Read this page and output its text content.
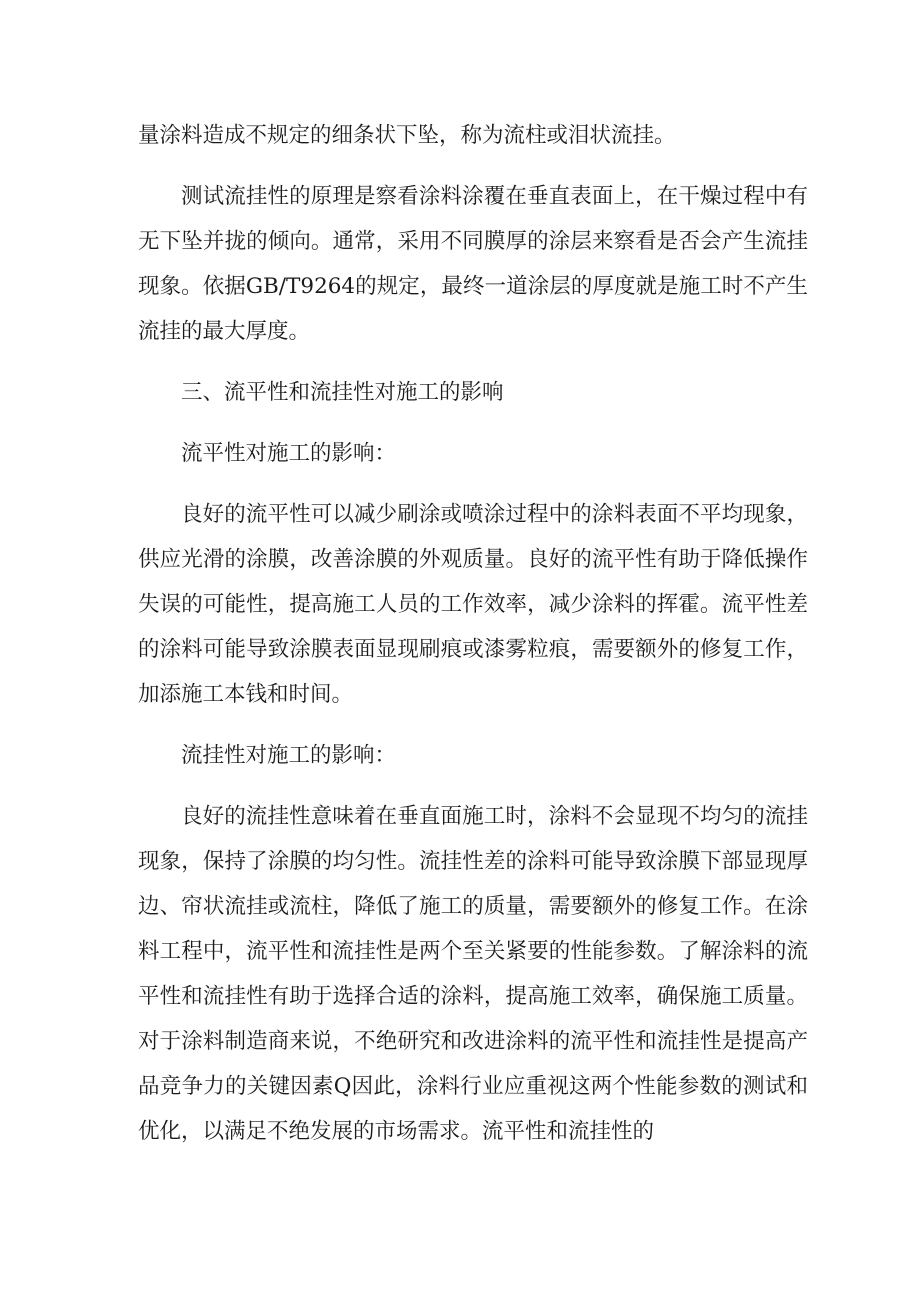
量涂料造成不规定的细条状下坠，称为流柱或泪状流挂。

测试流挂性的原理是察看涂料涂覆在垂直表面上，在干燥过程中有无下坠并拢的倾向。通常，采用不同膜厚的涂层来察看是否会产生流挂现象。依据GB/T9264的规定，最终一道涂层的厚度就是施工时不产生流挂的最大厚度。

三、流平性和流挂性对施工的影响

流平性对施工的影响：

良好的流平性可以减少刷涂或喷涂过程中的涂料表面不平均现象，供应光滑的涂膜，改善涂膜的外观质量。良好的流平性有助于降低操作失误的可能性，提高施工人员的工作效率，减少涂料的挥霍。流平性差的涂料可能导致涂膜表面显现刷痕或漆雾粒痕，需要额外的修复工作，加添施工本钱和时间。

流挂性对施工的影响：

良好的流挂性意味着在垂直面施工时，涂料不会显现不均匀的流挂现象，保持了涂膜的均匀性。流挂性差的涂料可能导致涂膜下部显现厚边、帘状流挂或流柱，降低了施工的质量，需要额外的修复工作。在涂料工程中，流平性和流挂性是两个至关紧要的性能参数。了解涂料的流平性和流挂性有助于选择合适的涂料，提高施工效率，确保施工质量。对于涂料制造商来说，不绝研究和改进涂料的流平性和流挂性是提高产品竞争力的关键因素Q因此，涂料行业应重视这两个性能参数的测试和优化，以满足不绝发展的市场需求。流平性和流挂性的
